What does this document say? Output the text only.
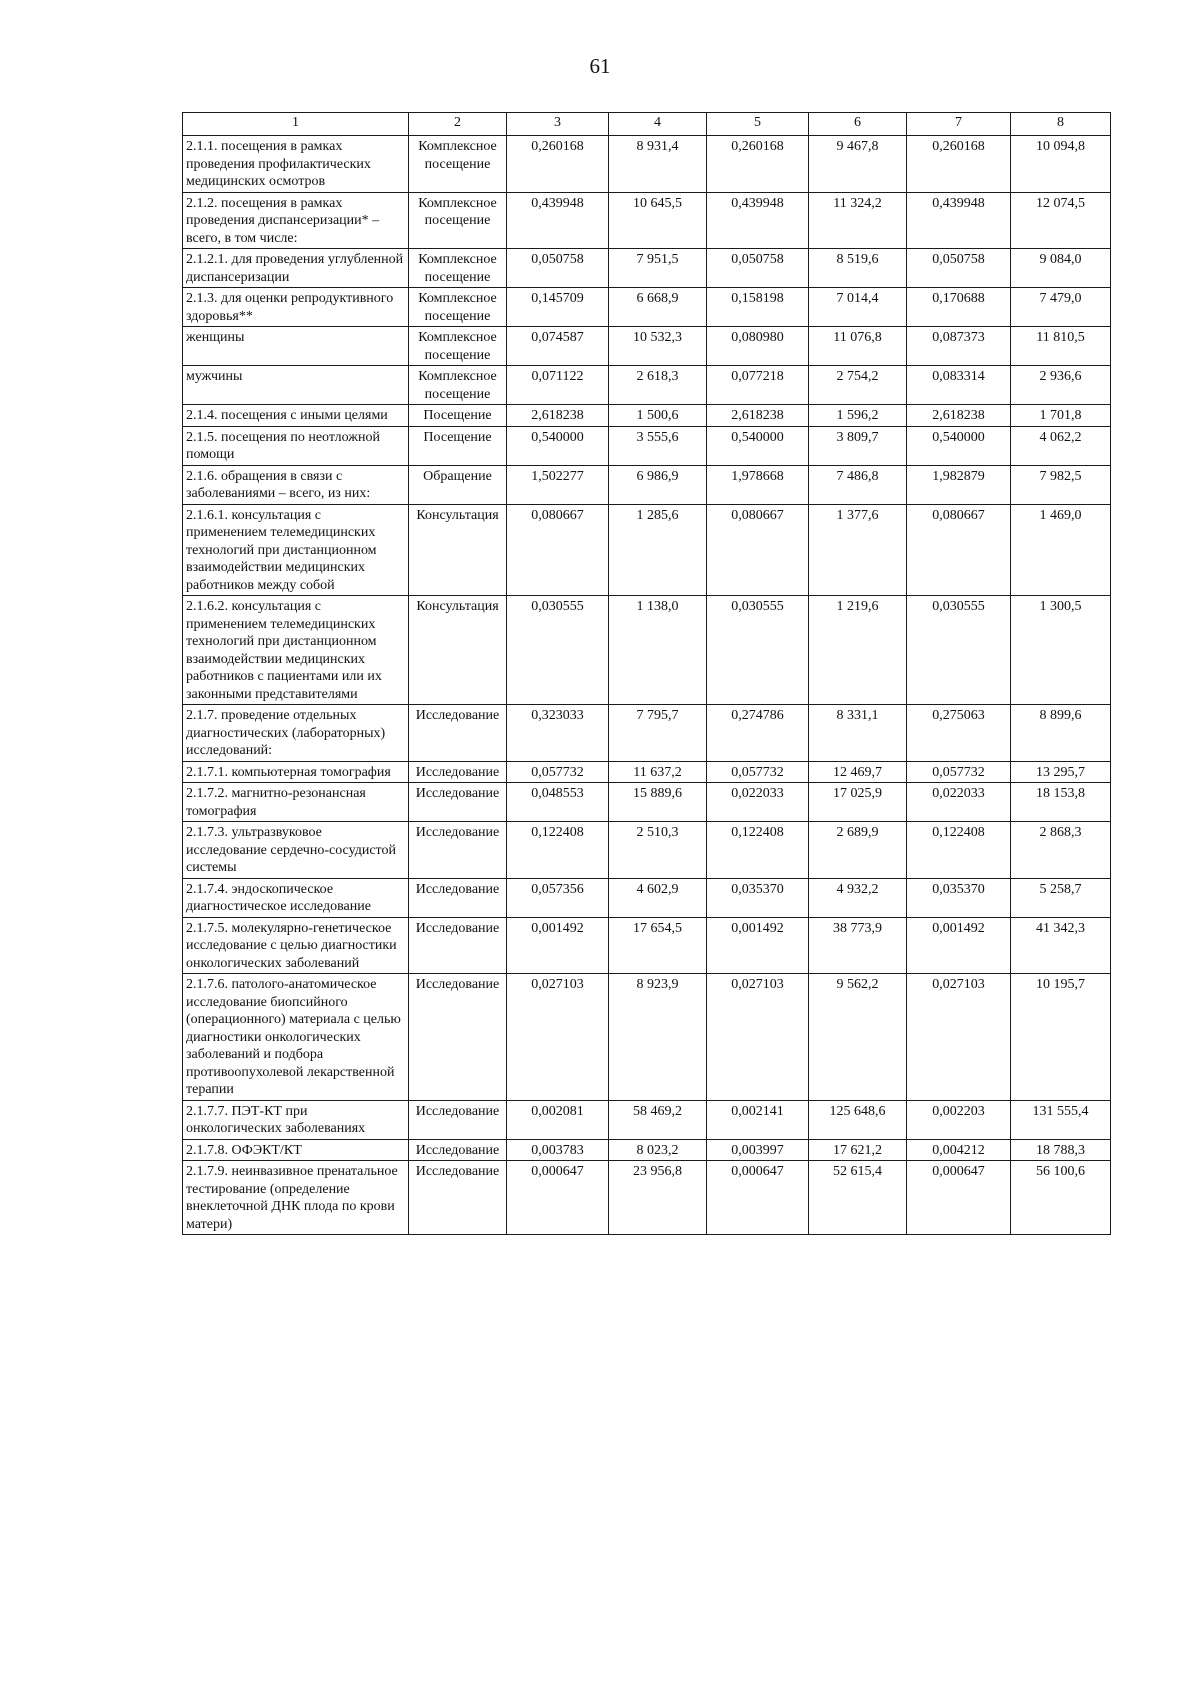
61
1	2	3	4	5	6	7	8
2.1.1. посещения в рамках проведения профилактических медицинских осмотров	Комплексное посещение	0,260168	8 931,4	0,260168	9 467,8	0,260168	10 094,8
2.1.2. посещения в рамках проведения диспансеризации* – всего, в том числе:	Комплексное посещение	0,439948	10 645,5	0,439948	11 324,2	0,439948	12 074,5
2.1.2.1. для проведения углубленной диспансеризации	Комплексное посещение	0,050758	7 951,5	0,050758	8 519,6	0,050758	9 084,0
2.1.3. для оценки репродуктивного здоровья**	Комплексное посещение	0,145709	6 668,9	0,158198	7 014,4	0,170688	7 479,0
женщины	Комплексное посещение	0,074587	10 532,3	0,080980	11 076,8	0,087373	11 810,5
мужчины	Комплексное посещение	0,071122	2 618,3	0,077218	2 754,2	0,083314	2 936,6
2.1.4. посещения с иными целями	Посещение	2,618238	1 500,6	2,618238	1 596,2	2,618238	1 701,8
2.1.5. посещения по неотложной помощи	Посещение	0,540000	3 555,6	0,540000	3 809,7	0,540000	4 062,2
2.1.6. обращения в связи с заболеваниями – всего, из них:	Обращение	1,502277	6 986,9	1,978668	7 486,8	1,982879	7 982,5
2.1.6.1. консультация с применением телемедицинских технологий при дистанционном взаимодействии медицинских работников между собой	Консультация	0,080667	1 285,6	0,080667	1 377,6	0,080667	1 469,0
2.1.6.2. консультация с применением телемедицинских технологий при дистанционном взаимодействии медицинских работников с пациентами или их законными представителями	Консультация	0,030555	1 138,0	0,030555	1 219,6	0,030555	1 300,5
2.1.7. проведение отдельных диагностических (лабораторных) исследований:	Исследование	0,323033	7 795,7	0,274786	8 331,1	0,275063	8 899,6
2.1.7.1. компьютерная томография	Исследование	0,057732	11 637,2	0,057732	12 469,7	0,057732	13 295,7
2.1.7.2. магнитно-резонансная томография	Исследование	0,048553	15 889,6	0,022033	17 025,9	0,022033	18 153,8
2.1.7.3. ультразвуковое исследование сердечно-сосудистой системы	Исследование	0,122408	2 510,3	0,122408	2 689,9	0,122408	2 868,3
2.1.7.4. эндоскопическое диагностическое исследование	Исследование	0,057356	4 602,9	0,035370	4 932,2	0,035370	5 258,7
2.1.7.5. молекулярно-генетическое исследование с целью диагностики онкологических заболеваний	Исследование	0,001492	17 654,5	0,001492	38 773,9	0,001492	41 342,3
2.1.7.6. патолого-анатомическое исследование биопсийного (операционного) материала с целью диагностики онкологических заболеваний и подбора противоопухолевой лекарственной терапии	Исследование	0,027103	8 923,9	0,027103	9 562,2	0,027103	10 195,7
2.1.7.7. ПЭТ-КТ при онкологических заболеваниях	Исследование	0,002081	58 469,2	0,002141	125 648,6	0,002203	131 555,4
2.1.7.8. ОФЭКТ/КТ	Исследование	0,003783	8 023,2	0,003997	17 621,2	0,004212	18 788,3
2.1.7.9. неинвазивное пренатальное тестирование (определение внеклеточной ДНК плода по крови матери)	Исследование	0,000647	23 956,8	0,000647	52 615,4	0,000647	56 100,6
